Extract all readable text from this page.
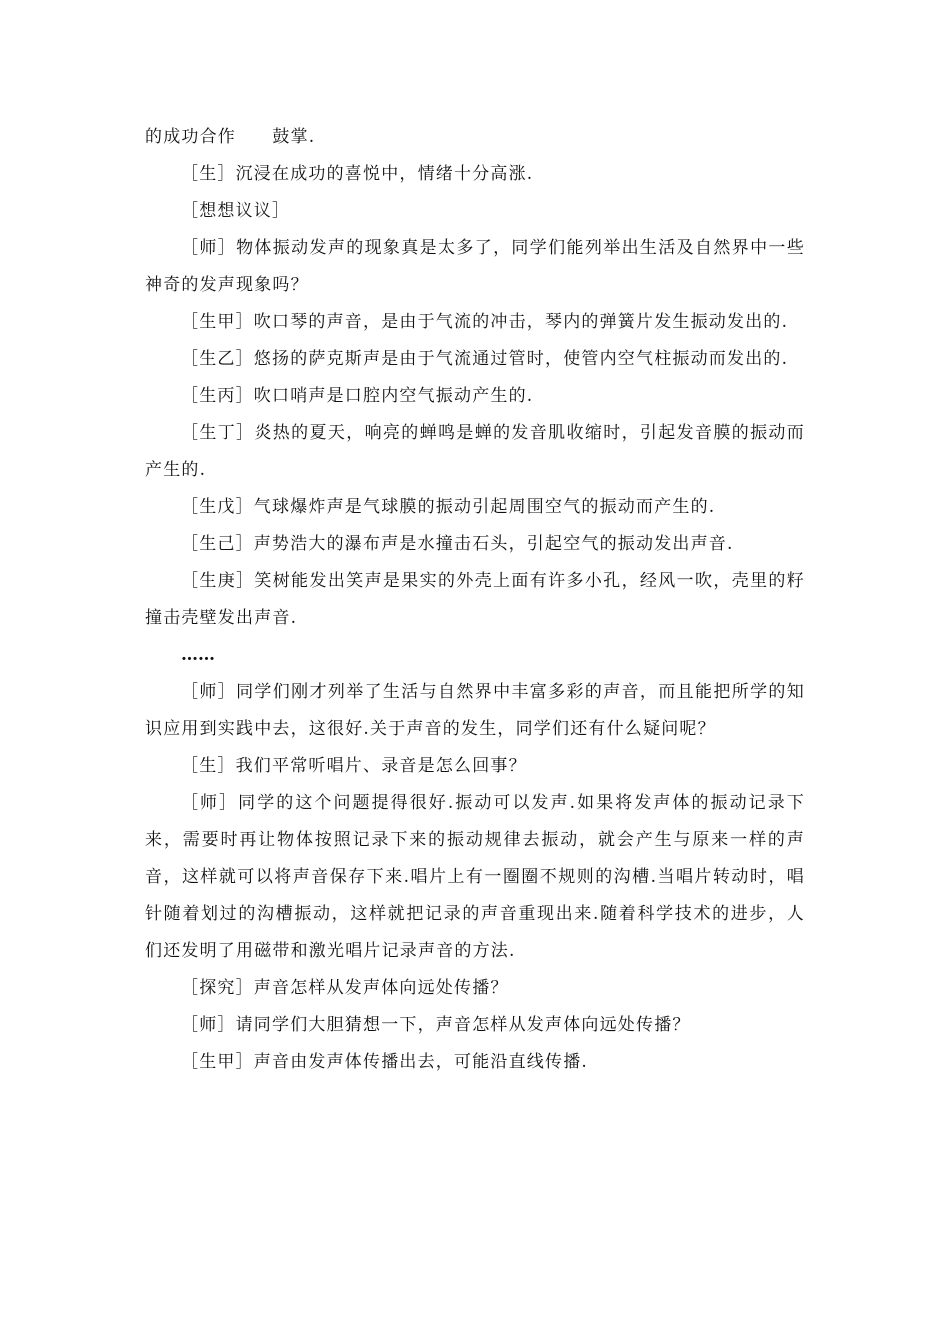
的成功合作　　鼓掌.

［生］沉浸在成功的喜悦中，情绪十分高涨.

［想想议议］

［师］物体振动发声的现象真是太多了，同学们能列举出生活及自然界中一些神奇的发声现象吗？

［生甲］吹口琴的声音，是由于气流的冲击，琴内的弹簧片发生振动发出的.

［生乙］悠扬的萨克斯声是由于气流通过管时，使管内空气柱振动而发出的.

［生丙］吹口哨声是口腔内空气振动产生的.

［生丁］炎热的夏天，响亮的蝉鸣是蝉的发音肌收缩时，引起发音膜的振动而产生的.

［生戊］气球爆炸声是气球膜的振动引起周围空气的振动而产生的.

［生己］声势浩大的瀑布声是水撞击石头，引起空气的振动发出声音.

［生庚］笑树能发出笑声是果实的外壳上面有许多小孔，经风一吹，壳里的籽撞击壳壁发出声音.

……

［师］同学们刚才列举了生活与自然界中丰富多彩的声音，而且能把所学的知识应用到实践中去，这很好.关于声音的发生，同学们还有什么疑问呢？

［生］我们平常听唱片、录音是怎么回事？

［师］同学的这个问题提得很好.振动可以发声.如果将发声体的振动记录下来，需要时再让物体按照记录下来的振动规律去振动，就会产生与原来一样的声音，这样就可以将声音保存下来.唱片上有一圈圈不规则的沟槽.当唱片转动时，唱针随着划过的沟槽振动，这样就把记录的声音重现出来.随着科学技术的进步，人们还发明了用磁带和激光唱片记录声音的方法.

［探究］声音怎样从发声体向远处传播？

［师］请同学们大胆猜想一下，声音怎样从发声体向远处传播？

［生甲］声音由发声体传播出去，可能沿直线传播.
